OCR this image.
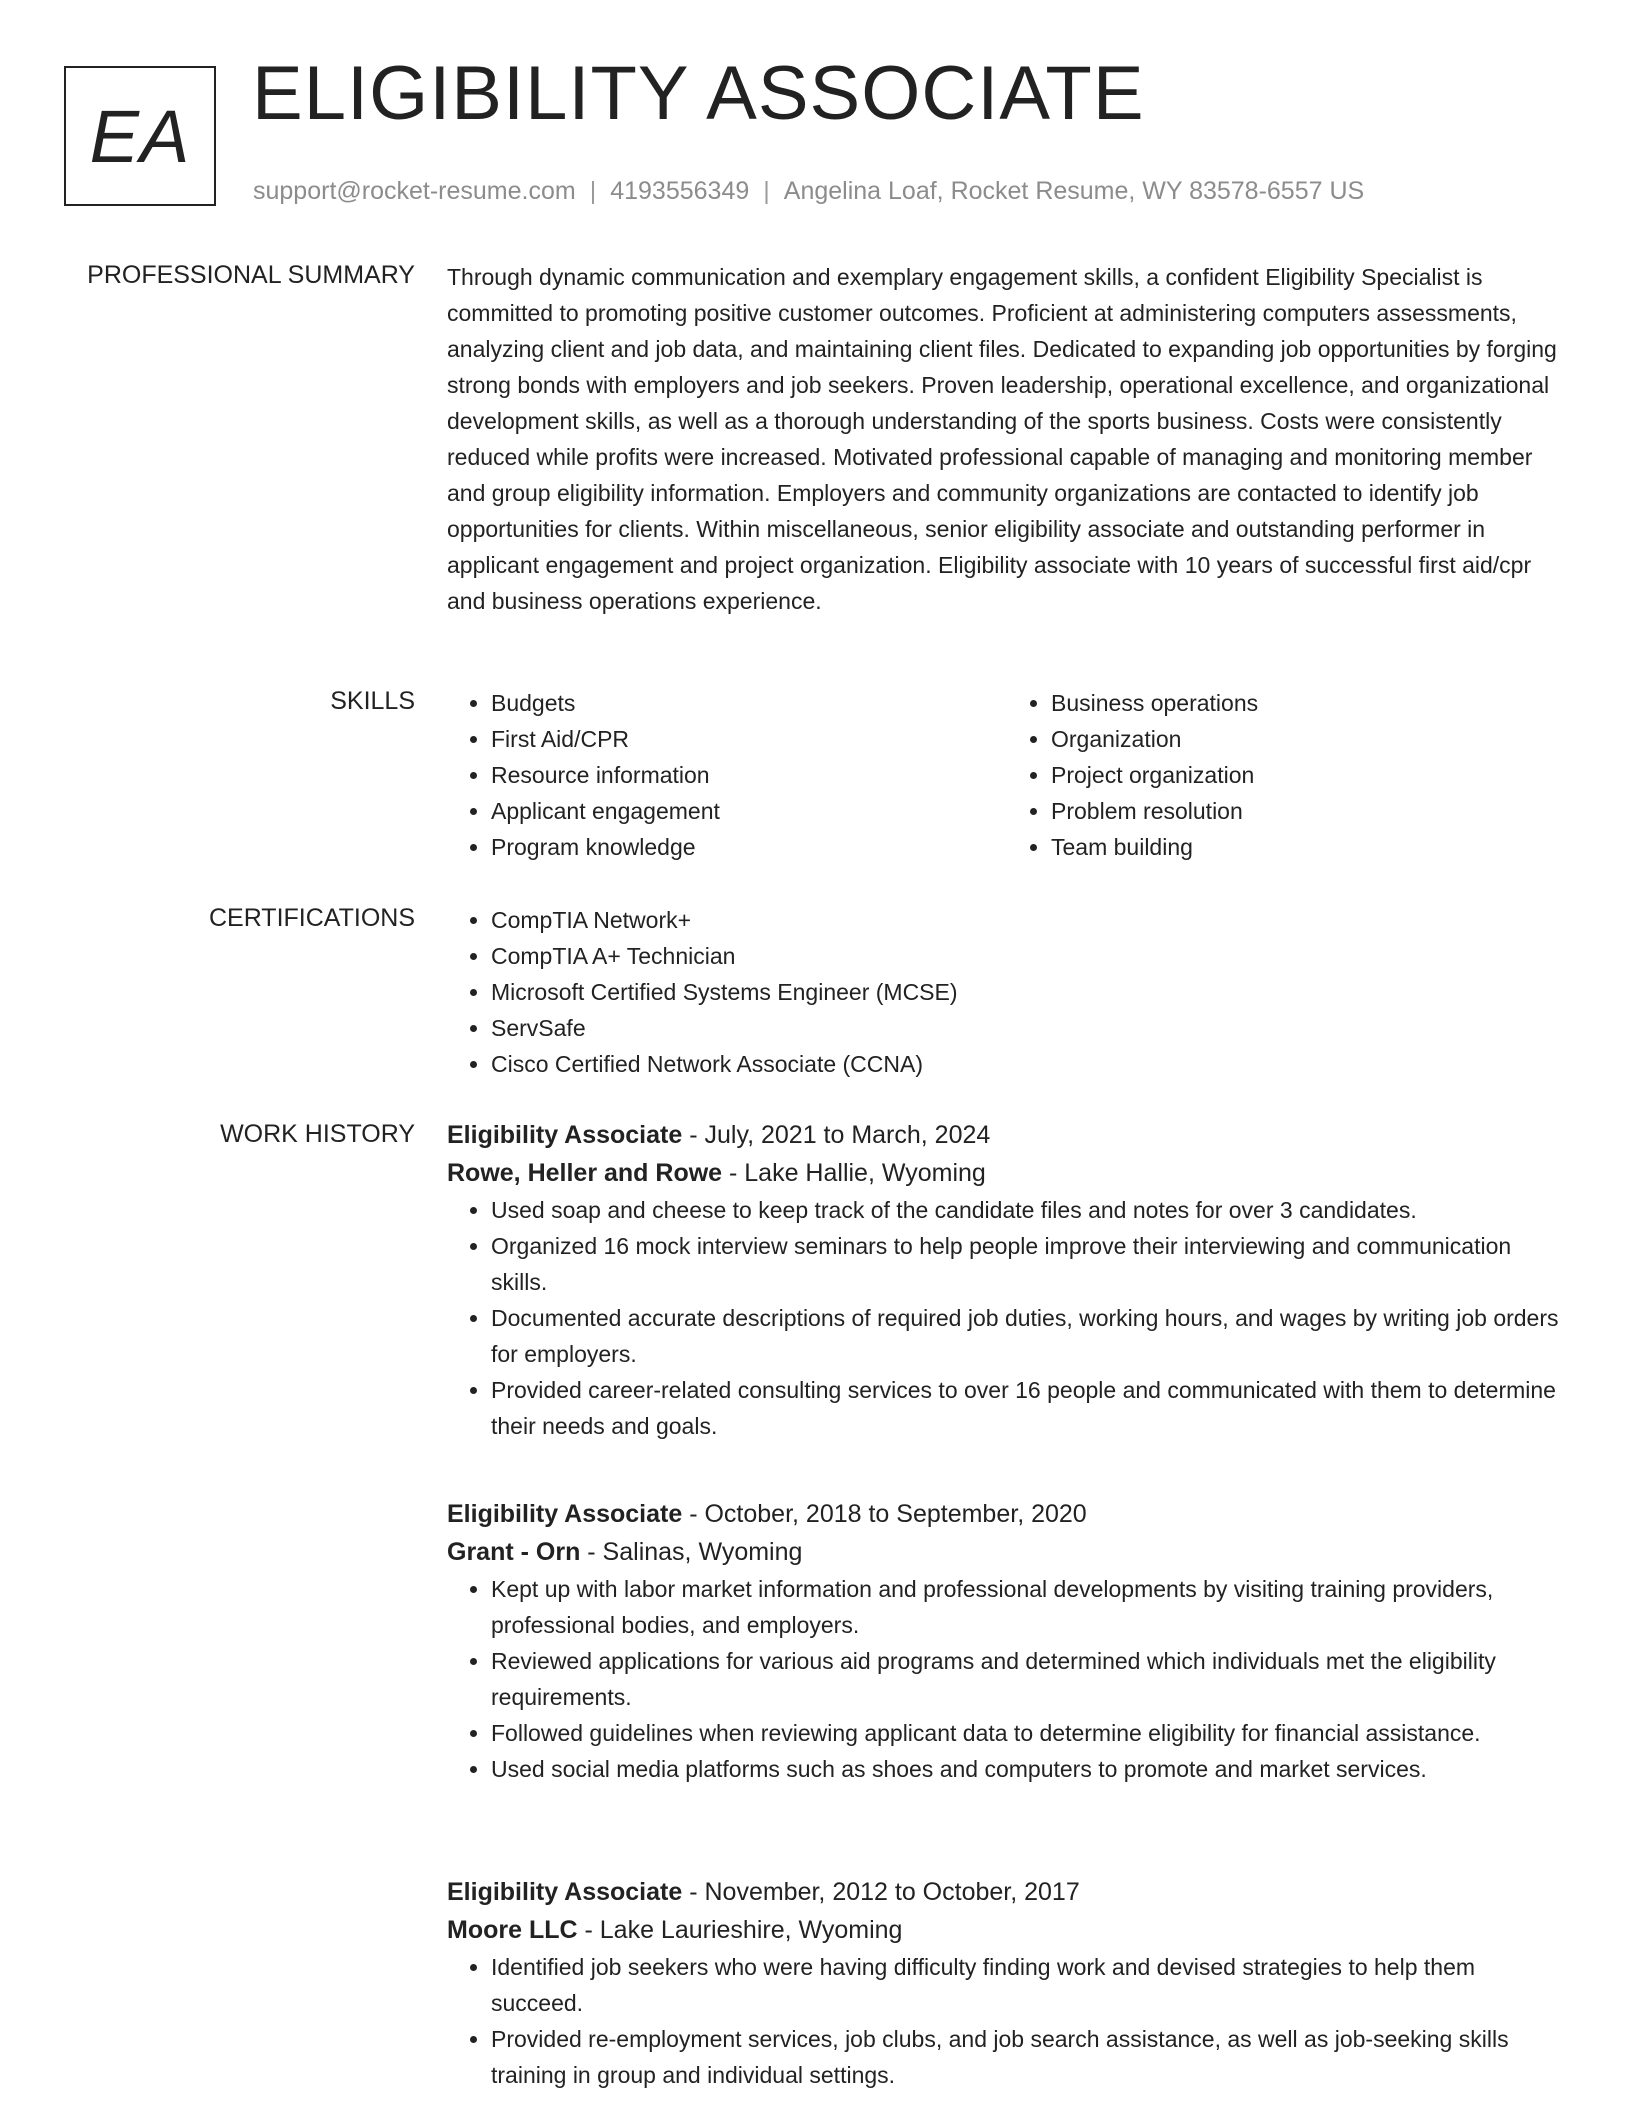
EA ELIGIBILITY ASSOCIATE
support@rocket-resume.com | 4193556349 | Angelina Loaf, Rocket Resume, WY 83578-6557 US
PROFESSIONAL SUMMARY Through dynamic communication and exemplary engagement skills, a confident Eligibility Specialist is committed to promoting positive customer outcomes. Proficient at administering computers assessments, analyzing client and job data, and maintaining client files. Dedicated to expanding job opportunities by forging strong bonds with employers and job seekers. Proven leadership, operational excellence, and organizational development skills, as well as a thorough understanding of the sports business. Costs were consistently reduced while profits were increased. Motivated professional capable of managing and monitoring member and group eligibility information. Employers and community organizations are contacted to identify job opportunities for clients. Within miscellaneous, senior eligibility associate and outstanding performer in applicant engagement and project organization. Eligibility associate with 10 years of successful first aid/cpr and business operations experience.

SKILLS	• Budgets
• First Aid/CPR
• Resource information
• Applicant engagement
• Program knowledge
• Business operations
• Organization
• Project organization
• Problem resolution
• Team building
CERTIFICATIONS	• CompTIA Network+
• CompTIA A+ Technician
• Microsoft Certified Systems Engineer (MCSE)
• ServSafe
• Cisco Certified Network Associate (CCNA)
WORK HISTORY Eligibility Associate - July, 2021 to March, 2024
Rowe, Heller and Rowe - Lake Hallie, Wyoming
• Used soap and cheese to keep track of the candidate files and notes for over 3 candidates.
• Organized 16 mock interview seminars to help people improve their interviewing and communication skills.
• Documented accurate descriptions of required job duties, working hours, and wages by writing job orders for employers.
• Provided career-related consulting services to over 16 people and communicated with them to determine their needs and goals.
Eligibility Associate - October, 2018 to September, 2020
Grant - Orn - Salinas, Wyoming
• Kept up with labor market information and professional developments by visiting training providers, professional bodies, and employers.
• Reviewed applications for various aid programs and determined which individuals met the eligibility requirements.
• Followed guidelines when reviewing applicant data to determine eligibility for financial assistance.
• Used social media platforms such as shoes and computers to promote and market services.
Eligibility Associate - November, 2012 to October, 2017
Moore LLC - Lake Laurieshire, Wyoming
• Identified job seekers who were having difficulty finding work and devised strategies to help them succeed.
• Provided re-employment services, job clubs, and job search assistance, as well as job-seeking skills training in group and individual settings.
